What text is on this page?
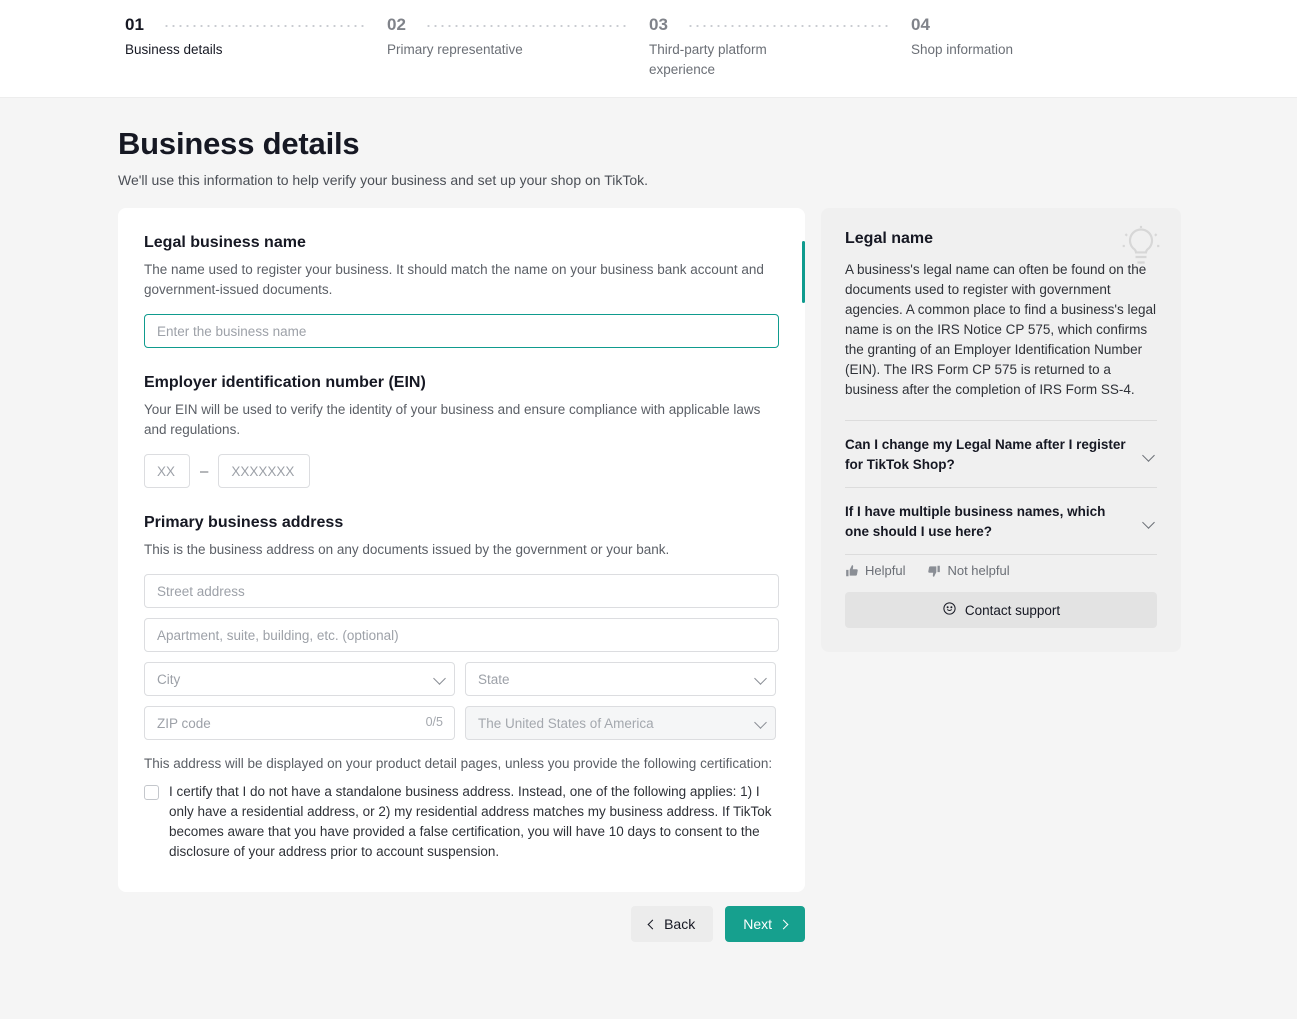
01
Business details
02
Primary representative
03
Third-party platform experience
04
Shop information
Business details
We'll use this information to help verify your business and set up your shop on TikTok.
Legal business name
The name used to register your business. It should match the name on your business bank account and government-issued documents.
Enter the business name
Employer identification number (EIN)
Your EIN will be used to verify the identity of your business and ensure compliance with applicable laws and regulations.
XX
–
XXXXXXX
Primary business address
This is the business address on any documents issued by the government or your bank.
Street address
Apartment, suite, building, etc. (optional)
City	State
ZIP code
0/5	The United States of America
This address will be displayed on your product detail pages, unless you provide the following certification:
I certify that I do not have a standalone business address. Instead, one of the following applies: 1) I only have a residential address, or 2) my residential address matches my business address. If TikTok becomes aware that you have provided a false certification, you will have 10 days to consent to the disclosure of your address prior to account suspension.
Legal name

A business's legal name can often be found on the documents used to register with government agencies. A common place to find a business's legal name is on the IRS Notice CP 575, which confirms the granting of an Employer Identification Number (EIN). The IRS Form CP 575 is returned to a business after the completion of IRS Form SS-4.

Can I change my Legal Name after I register for TikTok Shop?
If I have multiple business names, which one should I use here?
Helpful	Not helpful
Contact support
Back	Next
